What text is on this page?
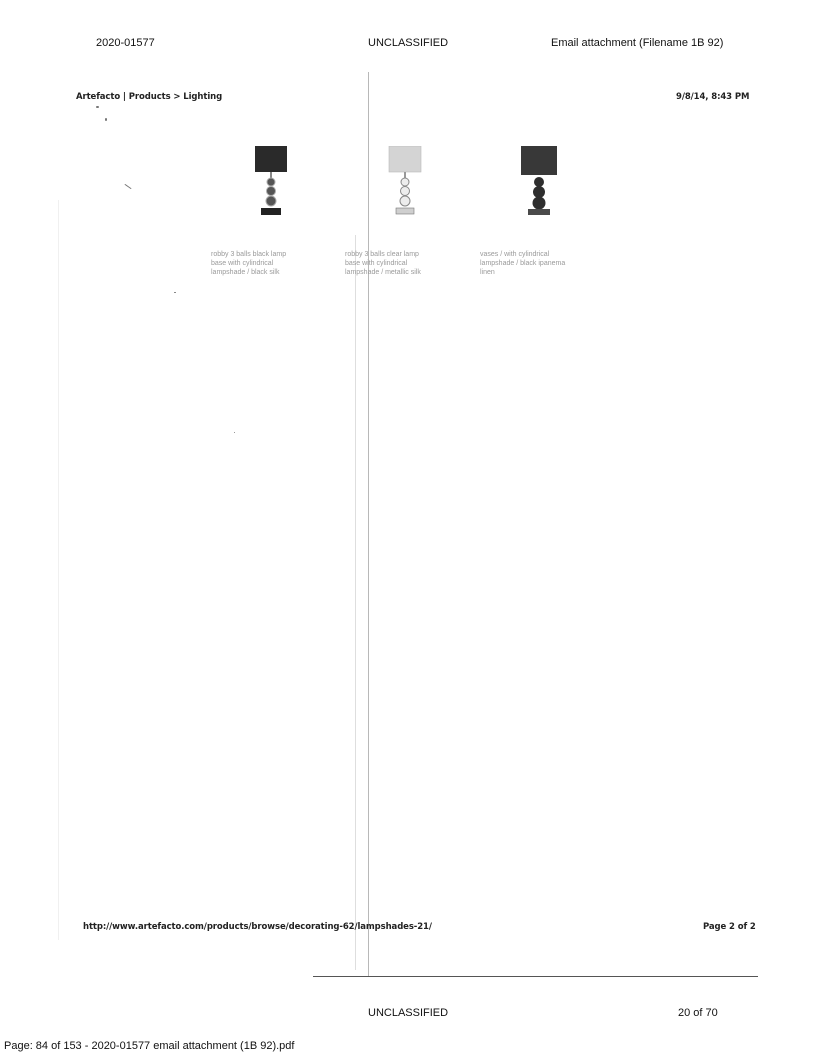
2020-01577	UNCLASSIFIED	Email attachment (Filename 1B 92)
Artefacto | Products > Lighting	9/8/14, 8:43 PM
robby 3 balls black lamp
base with cylindrical
lampshade / black silk
robby 3 balls clear lamp
base with cylindrical
lampshade / metallic silk
vases / with cylindrical
lampshade / black ipanema
linen
http://www.artefacto.com/products/browse/decorating-62/lampshades-21/	Page 2 of 2
UNCLASSIFIED	20 of 70
Page: 84 of 153 - 2020-01577 email attachment (1B 92).pdf
